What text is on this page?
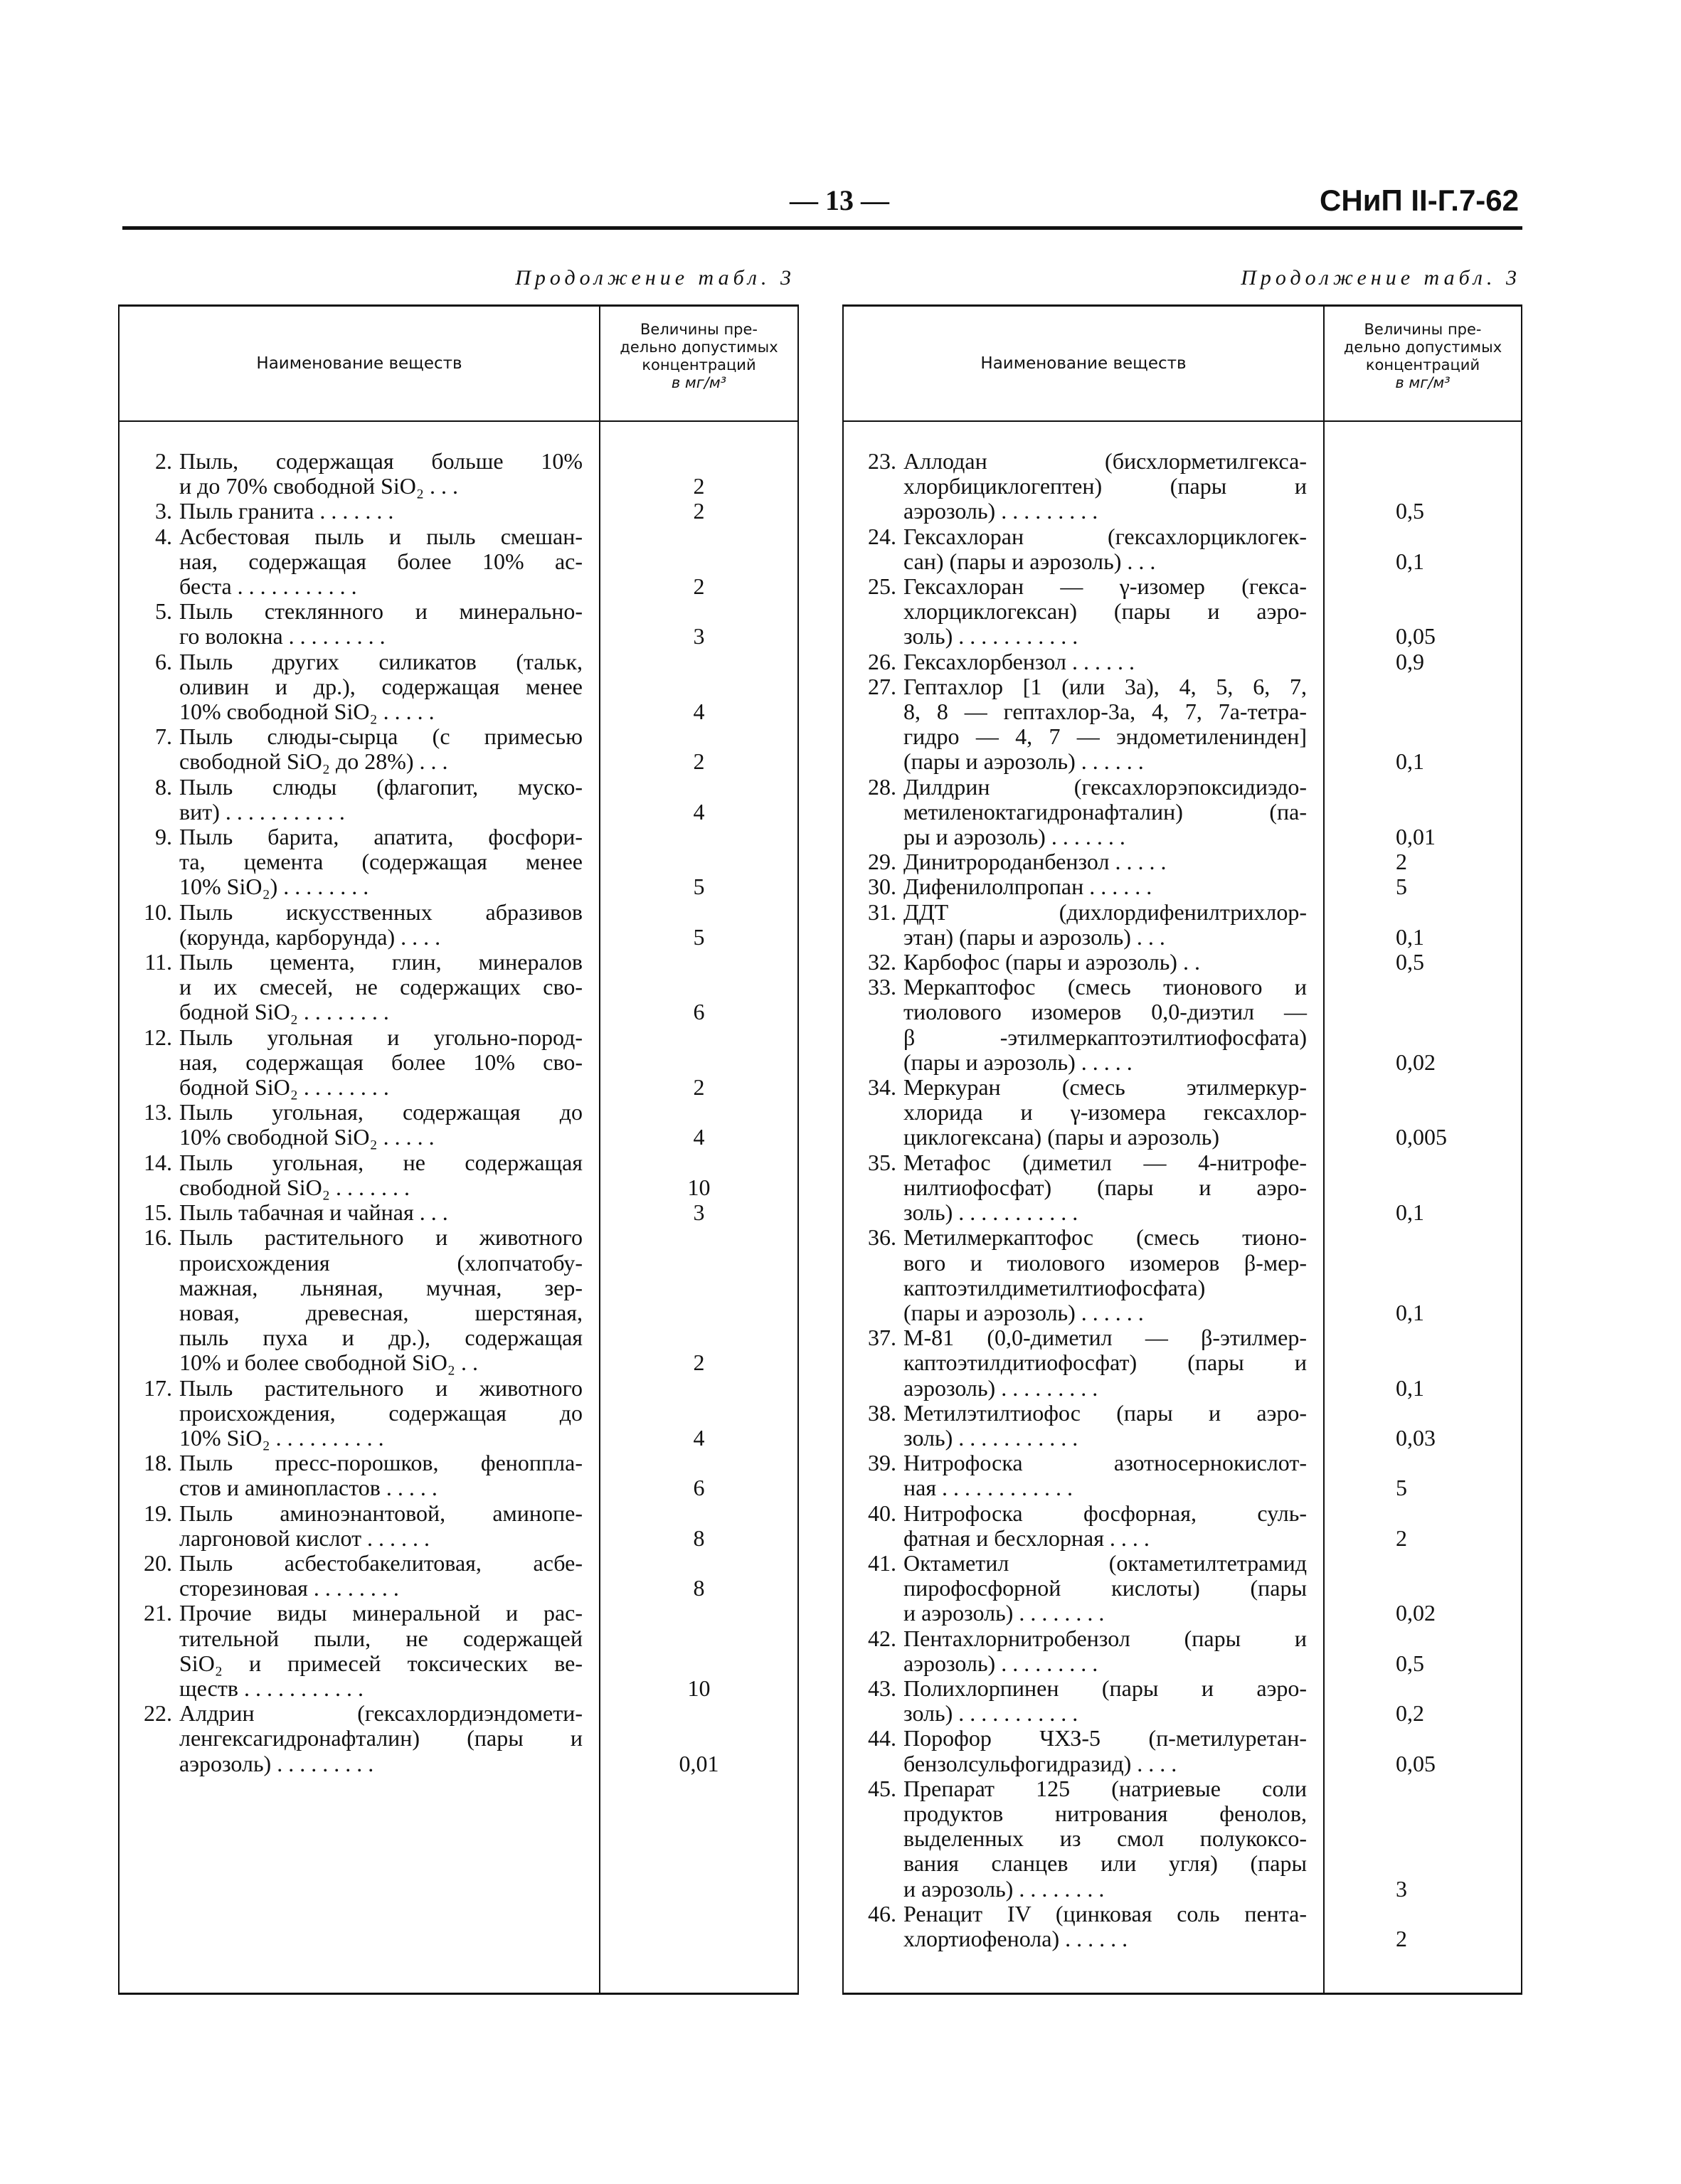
— 13 —	СНиП II-Г.7-62
Продолжение табл. 3	Продолжение табл. 3
Наименование веществ
Величины пре-
дельно допустимых
концентраций
в мг/м³
2. Пыль, содержащая больше 10%
и до 70% свободной SiO₂ . . .	2
3. Пыль гранита . . . . . . .	2
4. Асбестовая пыль и пыль смешан-
ная, содержащая более 10% ас-
беста . . . . . . . . . . .	2
5. Пыль стеклянного и минерально-
го волокна . . . . . . . . .	3
6. Пыль других силикатов (тальк,
оливин и др.), содержащая менее
10% свободной SiO₂ . . . . .	4
7. Пыль слюды-сырца (с примесью
свободной SiO₂ до 28%) . . .	2
8. Пыль слюды (флагопит, муско-
вит) . . . . . . . . . . .	4
9. Пыль барита, апатита, фосфори-
та, цемента (содержащая менее
10% SiO₂) . . . . . . . .	5
10. Пыль искусственных абразивов
(корунда, карборунда) . . . .	5
11. Пыль цемента, глин, минералов
и их смесей, не содержащих сво-
бодной SiO₂ . . . . . . . .	6
12. Пыль угольная и угольно-пород-
ная, содержащая более 10% сво-
бодной SiO₂ . . . . . . . .	2
13. Пыль угольная, содержащая до
10% свободной SiO₂ . . . . .	4
14. Пыль угольная, не содержащая
свободной SiO₂ . . . . . . .	10
15. Пыль табачная и чайная . . .	3
16. Пыль растительного и животного
происхождения (хлопчатобу-
мажная, льняная, мучная, зер-
новая, древесная, шерстяная,
пыль пуха и др.), содержащая
10% и более свободной SiO₂ . .	2
17. Пыль растительного и животного
происхождения, содержащая до
10% SiO₂ . . . . . . . . . .	4
18. Пыль пресс-порошков, феноппла-
стов и аминопластов . . . . .	6
19. Пыль аминоэнантовой, аминопе-
ларгоновой кислот . . . . . .	8
20. Пыль асбестобакелитовая, асбе-
сторезиновая . . . . . . . .	8
21. Прочие виды минеральной и рас-
тительной пыли, не содержащей
SiO₂ и примесей токсических ве-
ществ . . . . . . . . . . .	10
22. Алдрин (гексахлордиэндомети-
ленгексагидронафталин) (пары и
аэрозоль) . . . . . . . . .	0,01
Наименование веществ
Величины пре-
дельно допустимых
концентраций
в мг/м³
23. Аллодан (бисхлорметилгекса-
хлорбициклогептен) (пары и
аэрозоль) . . . . . . . . .	0,5
24. Гексахлоран (гексахлорциклогек-
сан) (пары и аэрозоль) . . .	0,1
25. Гексахлоран — γ-изомер (гекса-
хлорциклогексан) (пары и аэро-
золь) . . . . . . . . . . .	0,05
26. Гексахлорбензол . . . . . .	0,9
27. Гептахлор [1 (или 3а), 4, 5, 6, 7,
8, 8 — гептахлор-3а, 4, 7, 7а-тетра-
гидро — 4, 7 — эндометилeнинден]
(пары и аэрозоль) . . . . . .	0,1
28. Дилдрин (гексахлорэпоксидиэдо-
метиленоктагидронафталин) (па-
ры и аэрозоль) . . . . . . .	0,01
29. Динитророданбензол . . . . .	2
30. Дифенилолпропан . . . . . .	5
31. ДДТ (дихлордифенилтрихлор-
этан) (пары и аэрозоль) . . .	0,1
32. Карбофос (пары и аэрозоль) . .	0,5
33. Меркаптофос (смесь тионового и
тиолового изомеров 0,0-диэтил —
β -этилмеркаптоэтилтиофосфата)
(пары и аэрозоль) . . . . .	0,02
34. Меркуран (смесь этилмеркур-
хлорида и γ-изомера гексахлор-
циклогексана) (пары и аэрозоль)	0,005
35. Метафос (диметил — 4-нитрофе-
нилтиофосфат) (пары и аэро-
золь) . . . . . . . . . . .	0,1
36. Метилмеркаптофос (смесь тионо-
вого и тиолового изомеров β-мер-
каптоэтилдиметилтиофосфата)
(пары и аэрозоль) . . . . . .	0,1
37. М-81 (0,0-диметил — β-этилмер-
каптоэтилдитиофосфат) (пары и
аэрозоль) . . . . . . . . .	0,1
38. Метилэтилтиофос (пары и аэро-
золь) . . . . . . . . . . .	0,03
39. Нитрофоска азотносернокислот-
ная . . . . . . . . . . . .	5
40. Нитрофоска фосфорная, суль-
фатная и бесхлорная . . . .	2
41. Октаметил (октаметилтетрамид
пирофосфорной кислоты) (пары
и аэрозоль) . . . . . . . .	0,02
42. Пентахлорнитробензол (пары и
аэрозоль) . . . . . . . . .	0,5
43. Полихлорпинен (пары и аэро-
золь) . . . . . . . . . . .	0,2
44. Порофор ЧХЗ-5 (п-метилуретан-
бензолсульфогидразид) . . . .	0,05
45. Препарат 125 (натриевые соли
продуктов нитрования фенолов,
выделенных из смол полукоксо-
вания сланцев или угля) (пары
и аэрозоль) . . . . . . . .	3
46. Ренацит IV (цинковая соль пента-
хлортиофенола) . . . . . .	2
